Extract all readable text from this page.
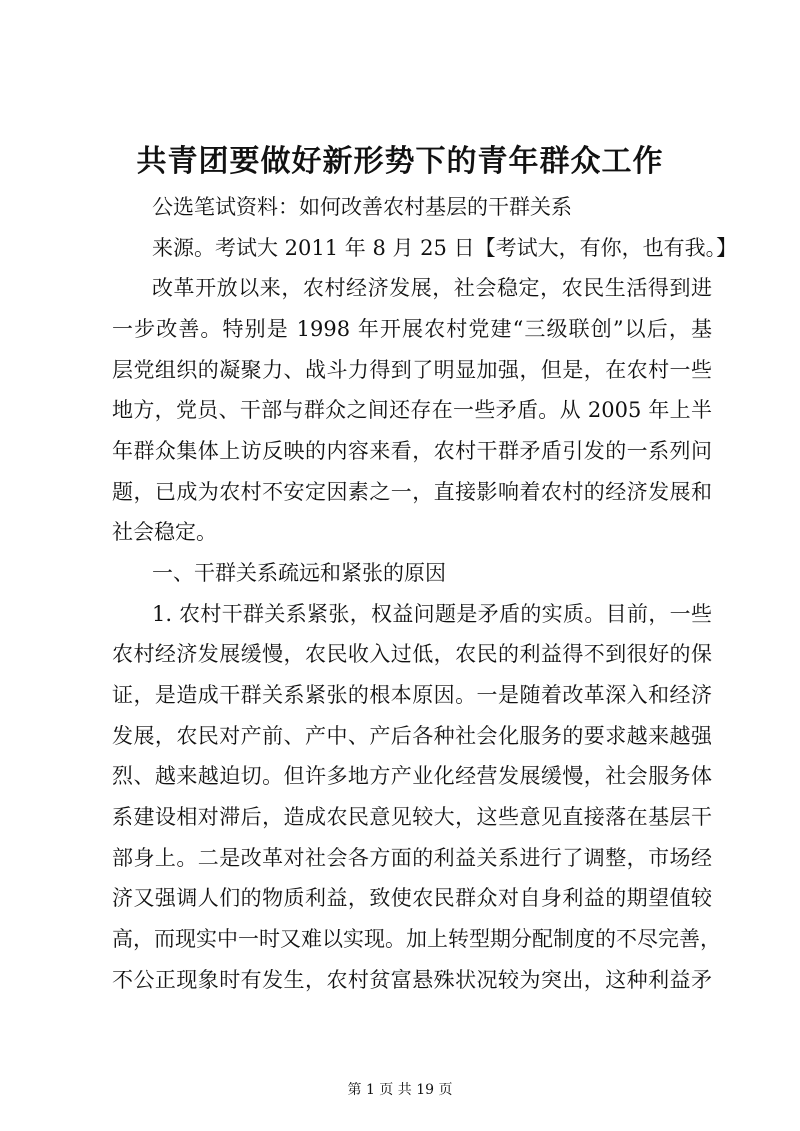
共青团要做好新形势下的青年群众工作
公选笔试资料：如何改善农村基层的干群关系
来源。考试大 2011 年 8 月 25 日【考试大，有你，也有我。】
改革开放以来，农村经济发展，社会稳定，农民生活得到进
一步改善。特别是 1998 年开展农村党建“三级联创”以后，基
层党组织的凝聚力、战斗力得到了明显加强，但是，在农村一些
地方，党员、干部与群众之间还存在一些矛盾。从 2005 年上半
年群众集体上访反映的内容来看，农村干群矛盾引发的一系列问
题，已成为农村不安定因素之一，直接影响着农村的经济发展和
社会稳定。
一、干群关系疏远和紧张的原因
1. 农村干群关系紧张，权益问题是矛盾的实质。目前，一些
农村经济发展缓慢，农民收入过低，农民的利益得不到很好的保
证，是造成干群关系紧张的根本原因。一是随着改革深入和经济
发展，农民对产前、产中、产后各种社会化服务的要求越来越强
烈、越来越迫切。但许多地方产业化经营发展缓慢，社会服务体
系建设相对滞后，造成农民意见较大，这些意见直接落在基层干
部身上。二是改革对社会各方面的利益关系进行了调整，市场经
济又强调人们的物质利益，致使农民群众对自身利益的期望值较
高，而现实中一时又难以实现。加上转型期分配制度的不尽完善，
不公正现象时有发生，农村贫富悬殊状况较为突出，这种利益矛
第 1 页 共 19 页
